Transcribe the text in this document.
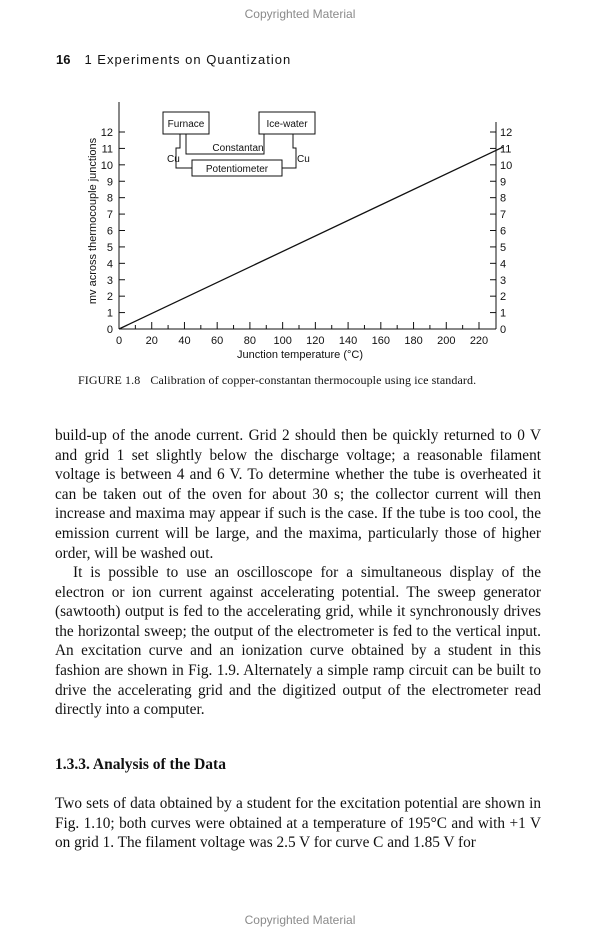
Copyrighted Material
16 1 Experiments on Quantization
Furnace	Ice-water
Constantan
Cu	Cu
Potentiometer
0 20 40 60 80 100 120 140 160 180 200 220
0
1
2
3
4
5
6
7
8
9
10
11
12
0
1
2
3
4
5
6
7
8
9
10
11
12
Junction temperature (°C)
mv across thermocouple junctions
FIGURE 1.8 Calibration of copper-constantan thermocouple using ice standard.

build-up of the anode current. Grid 2 should then be quickly returned to 0 V and grid 1 set slightly below the discharge voltage; a reasonable filament voltage is between 4 and 6 V. To determine whether the tube is overheated it can be taken out of the oven for about 30 s; the collector current will then increase and maxima may appear if such is the case. If the tube is too cool, the emission current will be large, and the maxima, particularly those of higher order, will be washed out.

It is possible to use an oscilloscope for a simultaneous display of the electron or ion current against accelerating potential. The sweep generator (sawtooth) output is fed to the accelerating grid, while it synchronously drives the horizontal sweep; the output of the electrometer is fed to the vertical input. An excitation curve and an ionization curve obtained by a student in this fashion are shown in Fig. 1.9. Alternately a simple ramp circuit can be built to drive the accelerating grid and the digitized output of the electrometer read directly into a computer.

1.3.3. Analysis of the Data

Two sets of data obtained by a student for the excitation potential are shown in Fig. 1.10; both curves were obtained at a temperature of 195°C and with +1 V on grid 1. The filament voltage was 2.5 V for curve C and 1.85 V for

Copyrighted Material
